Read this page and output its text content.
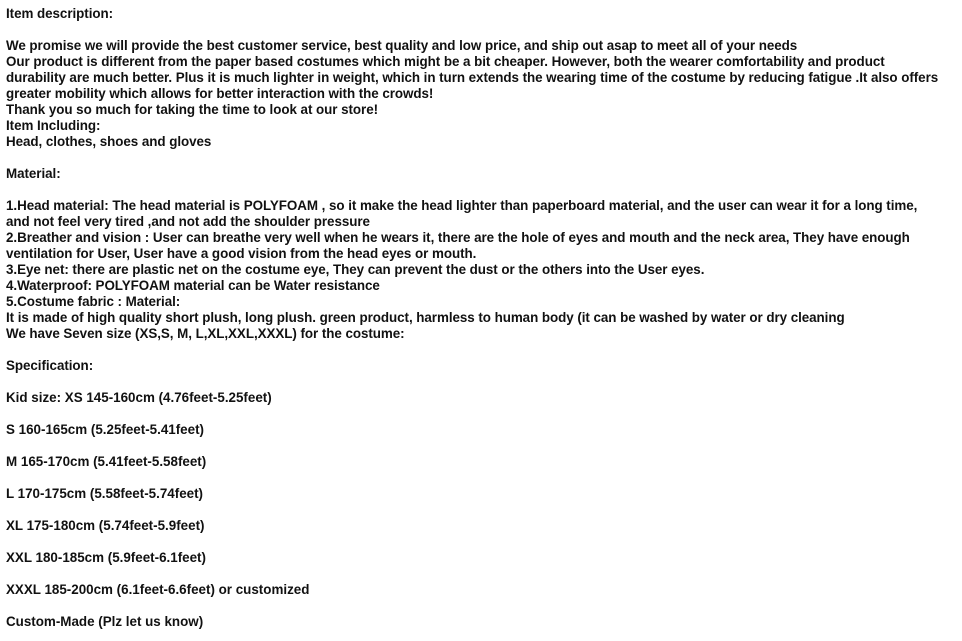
Item description:
We promise we will provide the best customer service, best quality and low price, and ship out asap to meet all of your needs
Our product is different from the paper based costumes which might be a bit cheaper. However, both the wearer comfortability and product
durability are much better. Plus it is much lighter in weight, which in turn extends the wearing time of the costume by reducing fatigue .It also offers
greater mobility which allows for better interaction with the crowds!
Thank you so much for taking the time to look at our store!
Item Including:
Head, clothes, shoes and gloves
Material:
1.Head material: The head material is POLYFOAM , so it make the head lighter than paperboard material, and the user can wear it for a long time,
and not feel very tired ,and not add the shoulder pressure
2.Breather and vision : User can breathe very well when he wears it, there are the hole of eyes and mouth and the neck area, They have enough
ventilation for User, User have a good vision from the head eyes or mouth.
3.Eye net: there are plastic net on the costume eye, They can prevent the dust or the others into the User eyes.
4.Waterproof: POLYFOAM material can be Water resistance
5.Costume fabric : Material:
It is made of high quality short plush, long plush. green product, harmless to human body (it can be washed by water or dry cleaning
We have Seven size (XS,S, M, L,XL,XXL,XXXL) for the costume:
Specification:
Kid size: XS 145-160cm (4.76feet-5.25feet)
S 160-165cm (5.25feet-5.41feet)
M 165-170cm (5.41feet-5.58feet)
L 170-175cm (5.58feet-5.74feet)
XL 175-180cm (5.74feet-5.9feet)
XXL 180-185cm (5.9feet-6.1feet)
XXXL 185-200cm (6.1feet-6.6feet) or customized
Custom-Made (Plz let us know)
